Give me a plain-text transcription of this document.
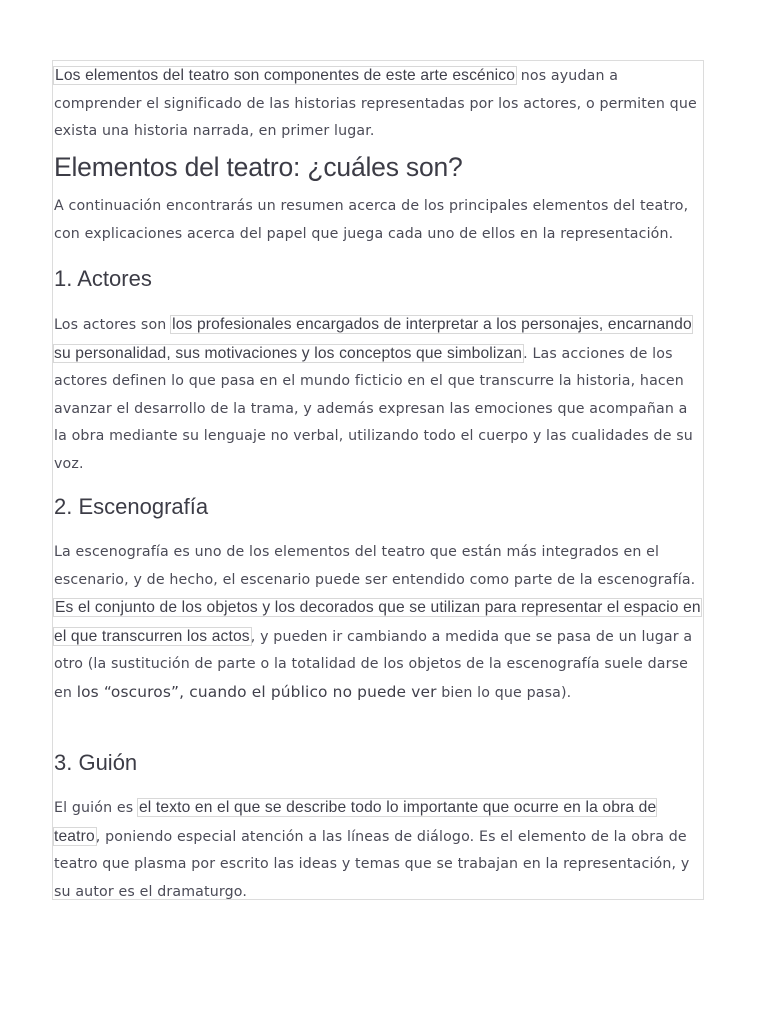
Los elementos del teatro son componentes de este arte escénico nos ayudan a comprender el significado de las historias representadas por los actores, o permiten que exista una historia narrada, en primer lugar.

Elementos del teatro: ¿cuáles son?

A continuación encontrarás un resumen acerca de los principales elementos del teatro, con explicaciones acerca del papel que juega cada uno de ellos en la representación.

1. Actores

Los actores son los profesionales encargados de interpretar a los personajes, encarnando su personalidad, sus motivaciones y los conceptos que simbolizan. Las acciones de los actores definen lo que pasa en el mundo ficticio en el que transcurre la historia, hacen avanzar el desarrollo de la trama, y además expresan las emociones que acompañan a la obra mediante su lenguaje no verbal, utilizando todo el cuerpo y las cualidades de su voz.

2. Escenografía

La escenografía es uno de los elementos del teatro que están más integrados en el escenario, y de hecho, el escenario puede ser entendido como parte de la escenografía. Es el conjunto de los objetos y los decorados que se utilizan para representar el espacio en el que transcurren los actos, y pueden ir cambiando a medida que se pasa de un lugar a otro (la sustitución de parte o la totalidad de los objetos de la escenografía suele darse en los “oscuros”, cuando el público no puede ver bien lo que pasa).

3. Guión

El guión es el texto en el que se describe todo lo importante que ocurre en la obra de teatro, poniendo especial atención a las líneas de diálogo. Es el elemento de la obra de teatro que plasma por escrito las ideas y temas que se trabajan en la representación, y su autor es el dramaturgo.
